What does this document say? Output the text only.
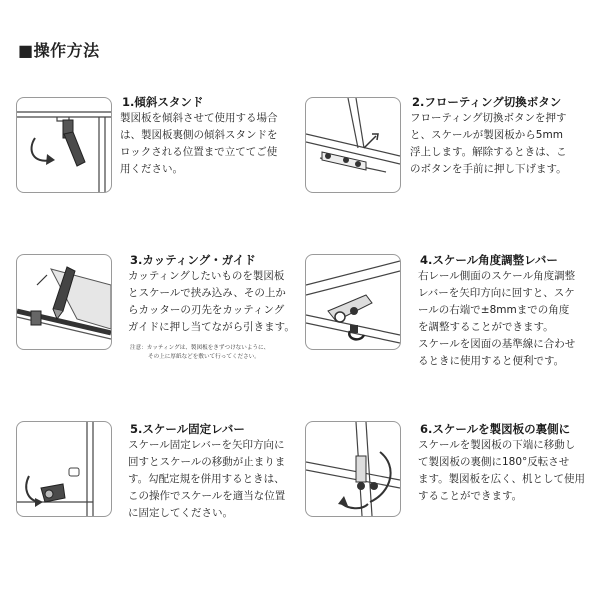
■操作方法
1.傾斜スタンド
製図板を傾斜させて使用する場合
は、製図板裏側の傾斜スタンドを
ロックされる位置まで立ててご使
用ください。
2.フローティング切換ボタン
フローティング切換ボタンを押す
と、スケールが製図板から5mm
浮上します。解除するときは、こ
のボタンを手前に押し下げます。
3.カッティング・ガイド
カッティングしたいものを製図板
とスケールで挟み込み、その上か
らカッターの刃先をカッティング
ガイドに押し当てながら引きます。
注意：カッティングは、製図板をきずつけないように、
その上に厚紙などを敷いて行ってください。
4.スケール角度調整レバー
右レール側面のスケール角度調整
レバーを矢印方向に回すと、スケ
ールの右端で±8mmまでの角度
を調整することができます。
スケールを図面の基準線に合わせ
るときに使用すると便利です。
5.スケール固定レバー
スケール固定レバーを矢印方向に
回すとスケールの移動が止まりま
す。勾配定規を併用するときは、
この操作でスケールを適当な位置
に固定してください。
6.スケールを製図板の裏側に
スケールを製図板の下端に移動し
て製図板の裏側に180°反転させ
ます。製図板を広く、机として使用
することができます。
